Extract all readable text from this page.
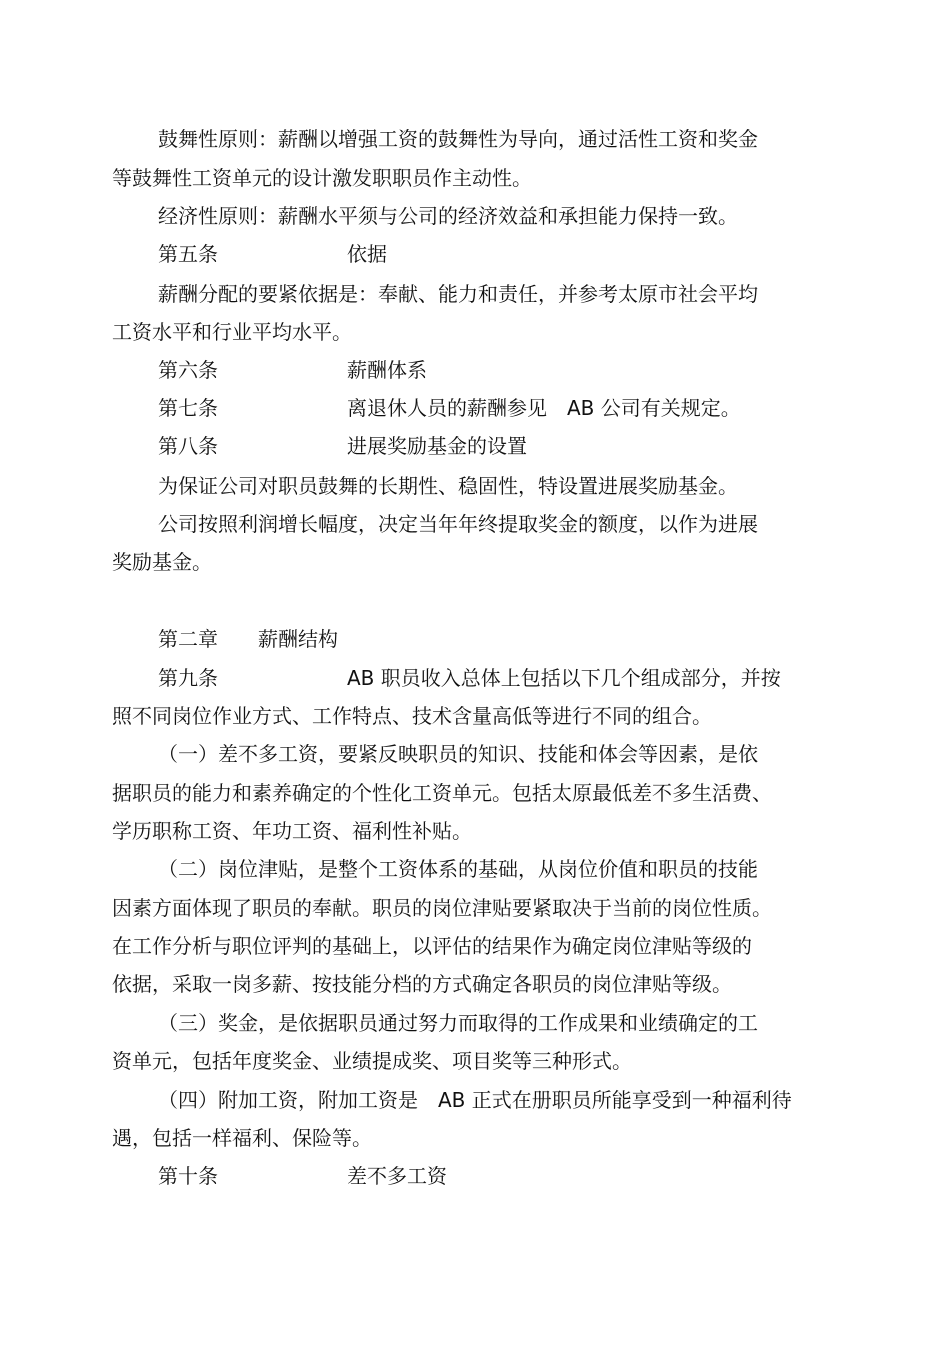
鼓舞性原则：薪酬以增强工资的鼓舞性为导向，通过活性工资和奖金
等鼓舞性工资单元的设计激发职职员作主动性。
经济性原则：薪酬水平须与公司的经济效益和承担能力保持一致。
第五条	依据
薪酬分配的要紧依据是：奉献、能力和责任，并参考太原市社会平均
工资水平和行业平均水平。
第六条	薪酬体系
第七条	离退休人员的薪酬参见　AB 公司有关规定。
第八条	进展奖励基金的设置
为保证公司对职员鼓舞的长期性、稳固性，特设置进展奖励基金。
公司按照利润增长幅度，决定当年年终提取奖金的额度，以作为进展
奖励基金。
第二章 薪酬结构
第九条	AB 职员收入总体上包括以下几个组成部分，并按
照不同岗位作业方式、工作特点、技术含量高低等进行不同的组合。
（一）差不多工资，要紧反映职员的知识、技能和体会等因素，是依
据职员的能力和素养确定的个性化工资单元。包括太原最低差不多生活费、
学历职称工资、年功工资、福利性补贴。
（二）岗位津贴，是整个工资体系的基础，从岗位价值和职员的技能
因素方面体现了职员的奉献。职员的岗位津贴要紧取决于当前的岗位性质。
在工作分析与职位评判的基础上，以评估的结果作为确定岗位津贴等级的
依据，采取一岗多薪、按技能分档的方式确定各职员的岗位津贴等级。
（三）奖金，是依据职员通过努力而取得的工作成果和业绩确定的工
资单元，包括年度奖金、业绩提成奖、项目奖等三种形式。
（四）附加工资，附加工资是　AB 正式在册职员所能享受到一种福利待
遇，包括一样福利、保险等。
第十条	差不多工资
